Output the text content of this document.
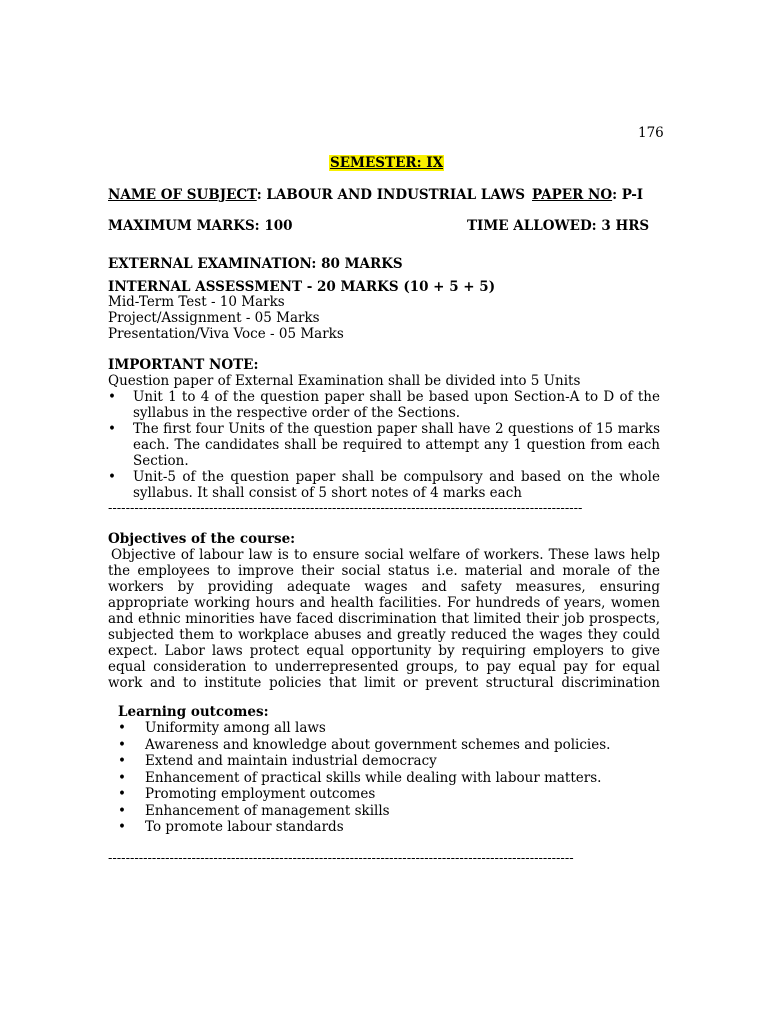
176
SEMESTER: IX
NAME OF SUBJECT: LABOUR AND INDUSTRIAL LAWS PAPER NO: P-I
MAXIMUM MARKS: 100	TIME ALLOWED: 3 HRS
EXTERNAL EXAMINATION: 80 MARKS
INTERNAL ASSESSMENT - 20 MARKS (10 + 5 + 5)
Mid-Term Test - 10 Marks
Project/Assignment - 05 Marks
Presentation/Viva Voce - 05 Marks
IMPORTANT NOTE:
Question paper of External Examination shall be divided into 5 Units
• Unit 1 to 4 of the question paper shall be based upon Section-A to D of the syllabus in the respective order of the Sections.
• The first four Units of the question paper shall have 2 questions of 15 marks each. The candidates shall be required to attempt any 1 question from each Section.
• Unit-5 of the question paper shall be compulsory and based on the whole syllabus. It shall consist of 5 short notes of 4 marks each
------------------------------------------------------------------------------------------------------------
Objectives of the course:
Objective of labour law is to ensure social welfare of workers. These laws help the employees to improve their social status i.e. material and morale of the workers by providing adequate wages and safety measures, ensuring appropriate working hours and health facilities. For hundreds of years, women and ethnic minorities have faced discrimination that limited their job prospects, subjected them to workplace abuses and greatly reduced the wages they could expect. Labor laws protect equal opportunity by requiring employers to give equal consideration to underrepresented groups, to pay equal pay for equal work and to institute policies that limit or prevent structural discrimination
Learning outcomes:
• Uniformity among all laws
• Awareness and knowledge about government schemes and policies.
• Extend and maintain industrial democracy
• Enhancement of practical skills while dealing with labour matters.
• Promoting employment outcomes
• Enhancement of management skills
• To promote labour standards
----------------------------------------------------------------------------------------------------------
